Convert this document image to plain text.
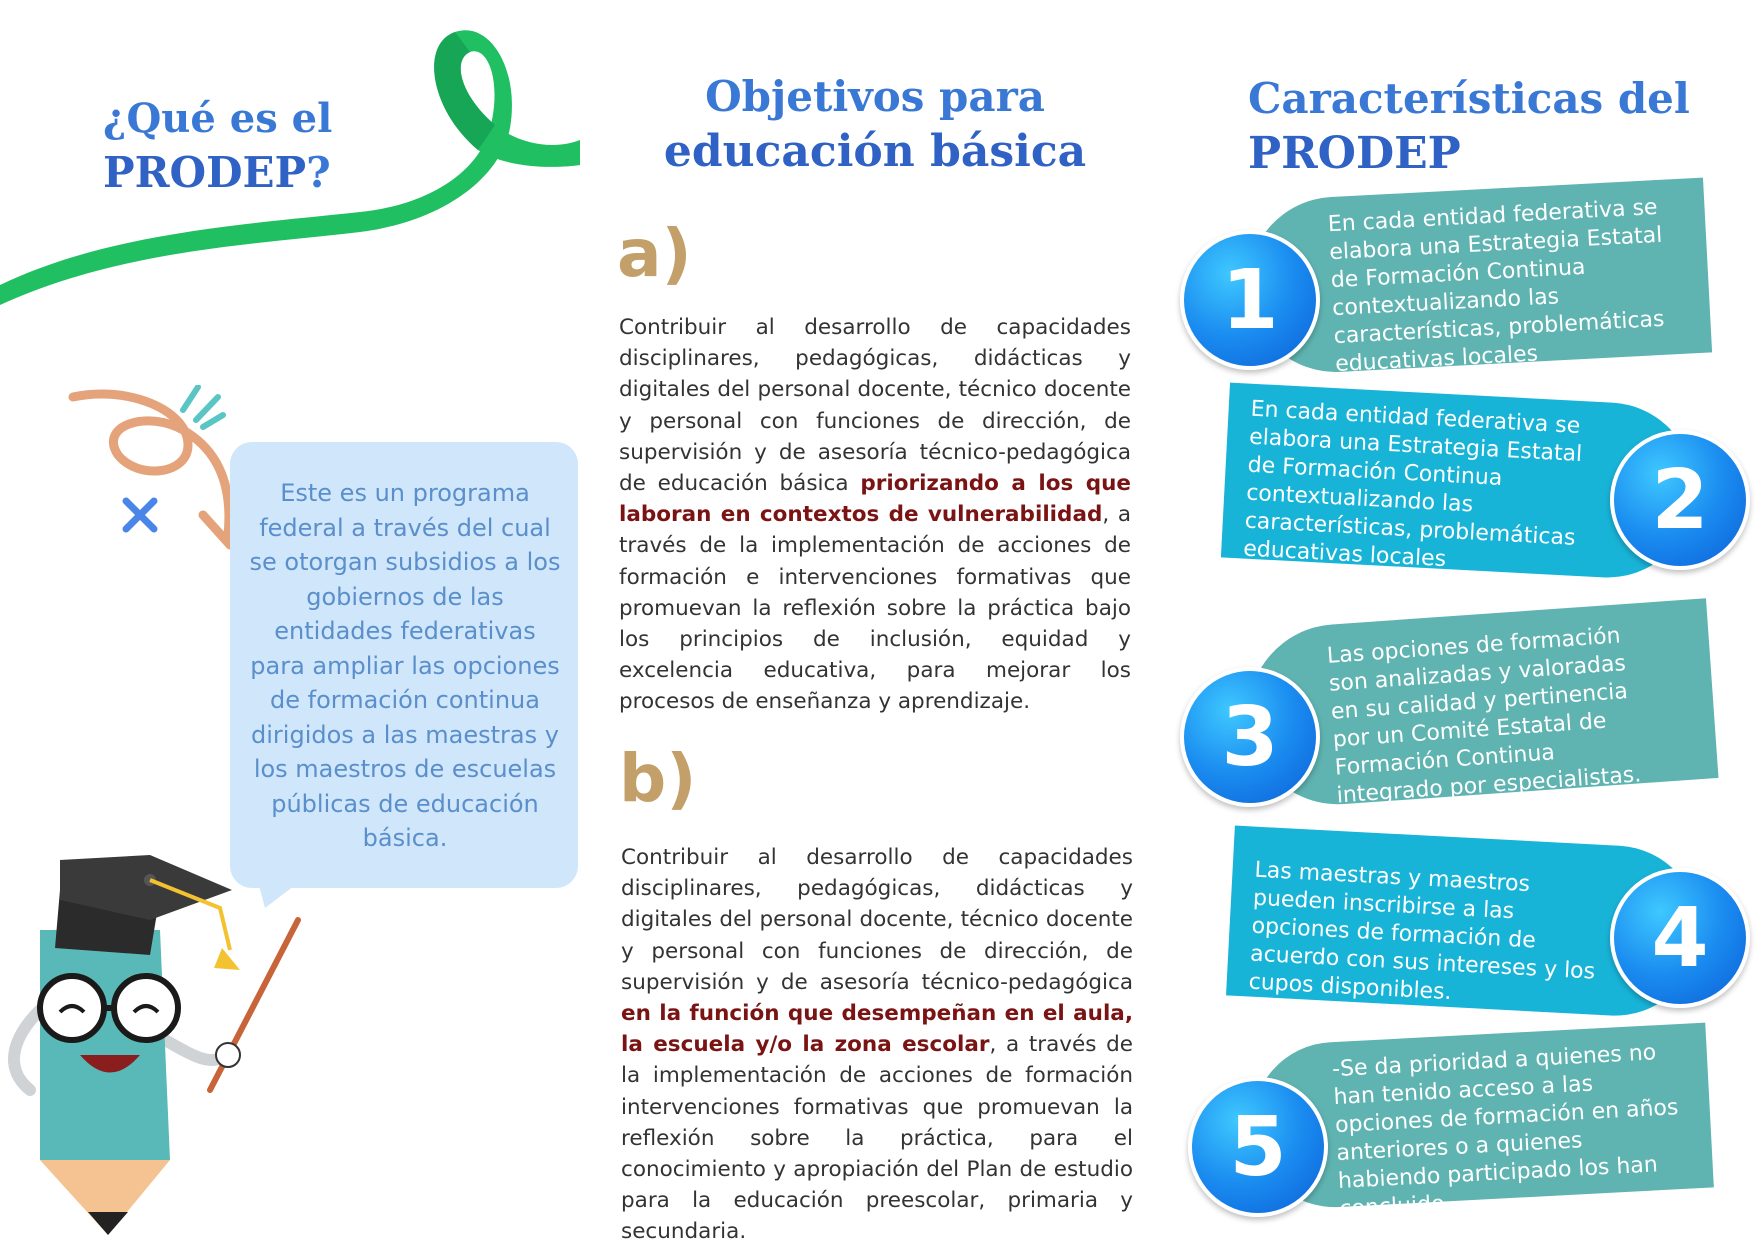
¿Qué es el
PRODEP?
Este es un programa federal a través del cual se otorgan subsidios a los gobiernos de las entidades federativas para ampliar las opciones de formación continua dirigidos a las maestras y los maestros de escuelas públicas de educación básica.
Objetivos para
educación básica
a)
Contribuir al desarrollo de capacidades disciplinares, pedagógicas, didácticas y digitales del personal docente, técnico docente y personal con funciones de dirección, de supervisión y de asesoría técnico-pedagógica de educación básica priorizando a los que laboran en contextos de vulnerabilidad, a través de la implementación de acciones de formación e intervenciones formativas que promuevan la reflexión sobre la práctica bajo los principios de inclusión, equidad y excelencia educativa, para mejorar los procesos de enseñanza y aprendizaje.
b)
Contribuir al desarrollo de capacidades disciplinares, pedagógicas, didácticas y digitales del personal docente, técnico docente y personal con funciones de dirección, de supervisión y de asesoría técnico-pedagógica en la función que desempeñan en el aula, la escuela y/o la zona escolar, a través de la implementación de acciones de formación intervenciones formativas que promuevan la reflexión sobre la práctica, para el conocimiento y apropiación del Plan de estudio para la educación preescolar, primaria y secundaria.
Características del
PRODEP
En cada entidad federativa se elabora una Estrategia Estatal de Formación Continua contextualizando las características, problemáticas educativas locales
1
En cada entidad federativa se elabora una Estrategia Estatal de Formación Continua contextualizando las características, problemáticas educativas locales
2
Las opciones de formación son analizadas y valoradas en su calidad y pertinencia por un Comité Estatal de Formación Continua integrado por especialistas.
3
Las maestras y maestros pueden inscribirse a las opciones de formación de acuerdo con sus intereses y los cupos disponibles.
4
-Se da prioridad a quienes no han tenido acceso a las opciones de formación en años anteriores o a quienes habiendo participado los han concluido.
5
